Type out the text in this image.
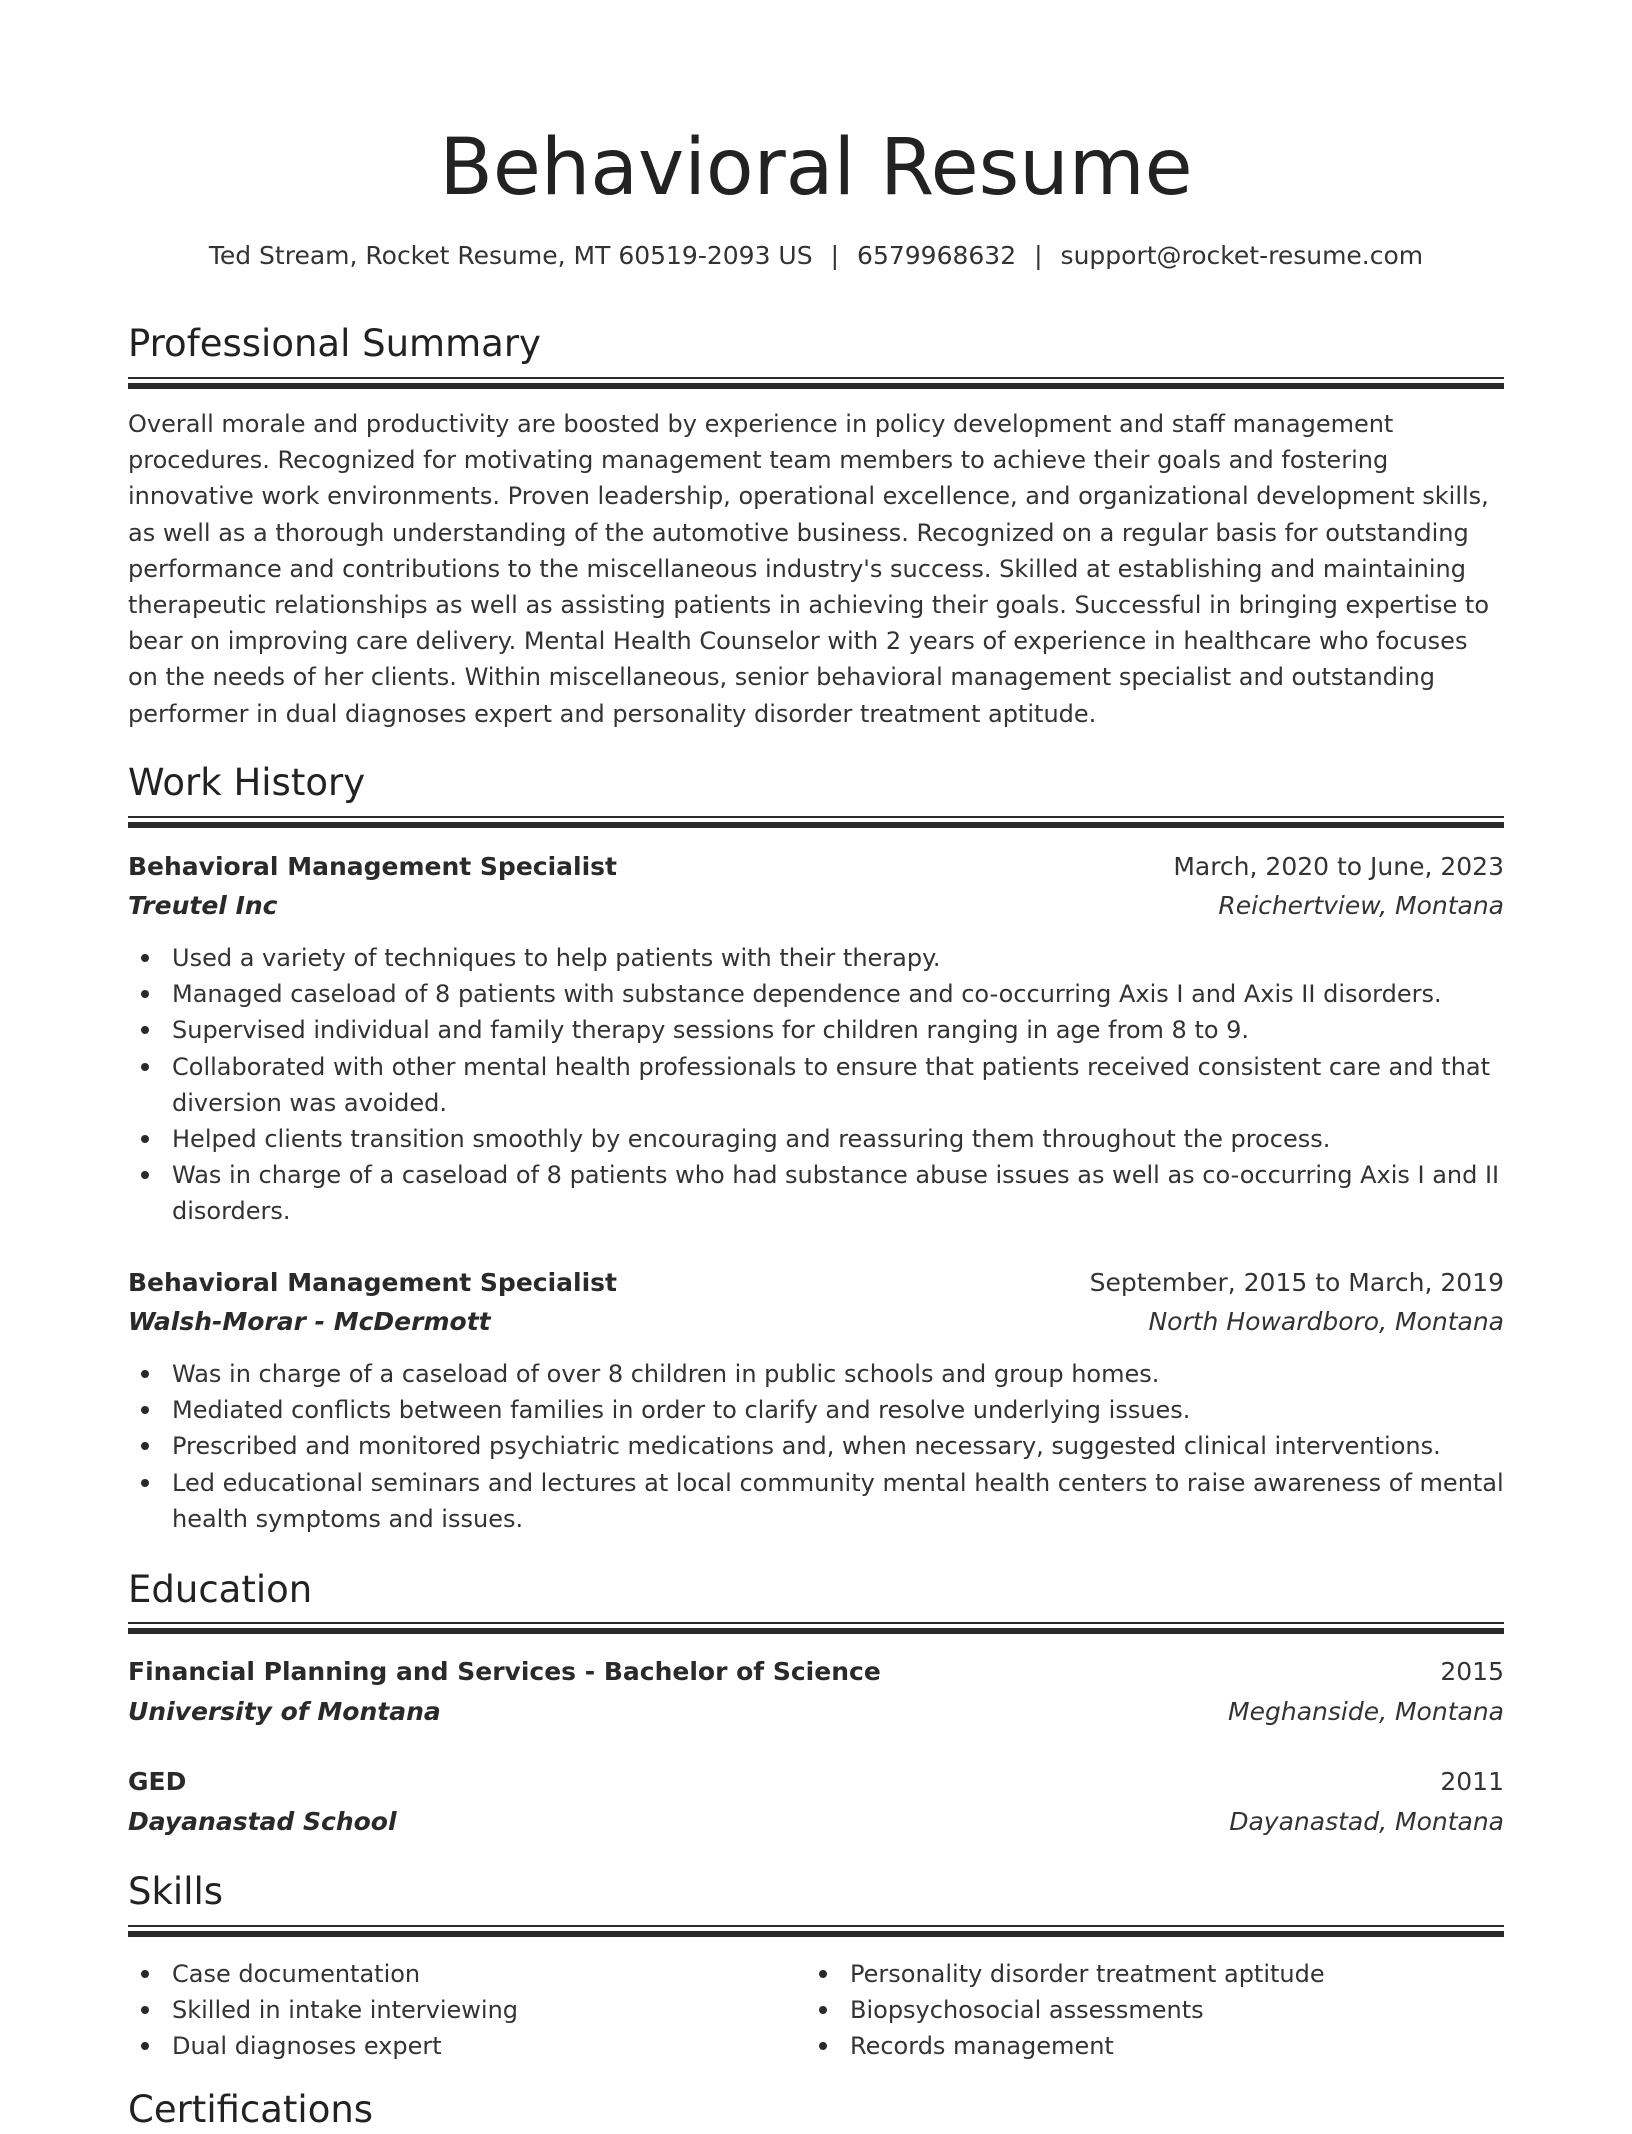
Behavioral Resume
Ted Stream, Rocket Resume, MT 60519-2093 US | 6579968632 | support@rocket-resume.com
Professional Summary

Overall morale and productivity are boosted by experience in policy development and staff management procedures. Recognized for motivating management team members to achieve their goals and fostering innovative work environments. Proven leadership, operational excellence, and organizational development skills, as well as a thorough understanding of the automotive business. Recognized on a regular basis for outstanding performance and contributions to the miscellaneous industry's success. Skilled at establishing and maintaining therapeutic relationships as well as assisting patients in achieving their goals. Successful in bringing expertise to bear on improving care delivery. Mental Health Counselor with 2 years of experience in healthcare who focuses on the needs of her clients. Within miscellaneous, senior behavioral management specialist and outstanding performer in dual diagnoses expert and personality disorder treatment aptitude.

Work History
Behavioral Management Specialist	March, 2020 to June, 2023
Treutel Inc	Reichertview, Montana
Used a variety of techniques to help patients with their therapy.
Managed caseload of 8 patients with substance dependence and co-occurring Axis I and Axis II disorders.
Supervised individual and family therapy sessions for children ranging in age from 8 to 9.
Collaborated with other mental health professionals to ensure that patients received consistent care and that diversion was avoided.
Helped clients transition smoothly by encouraging and reassuring them throughout the process.
Was in charge of a caseload of 8 patients who had substance abuse issues as well as co-occurring Axis I and II disorders.
Behavioral Management Specialist	September, 2015 to March, 2019
Walsh-Morar - McDermott	North Howardboro, Montana
Was in charge of a caseload of over 8 children in public schools and group homes.
Mediated conflicts between families in order to clarify and resolve underlying issues.
Prescribed and monitored psychiatric medications and, when necessary, suggested clinical interventions.
Led educational seminars and lectures at local community mental health centers to raise awareness of mental health symptoms and issues.
Education
Financial Planning and Services - Bachelor of Science	2015
University of Montana	Meghanside, Montana
GED	2011
Dayanastad School	Dayanastad, Montana
Skills
Case documentation
Skilled in intake interviewing
Dual diagnoses expert
Personality disorder treatment aptitude
Biopsychosocial assessments
Records management
Certifications
